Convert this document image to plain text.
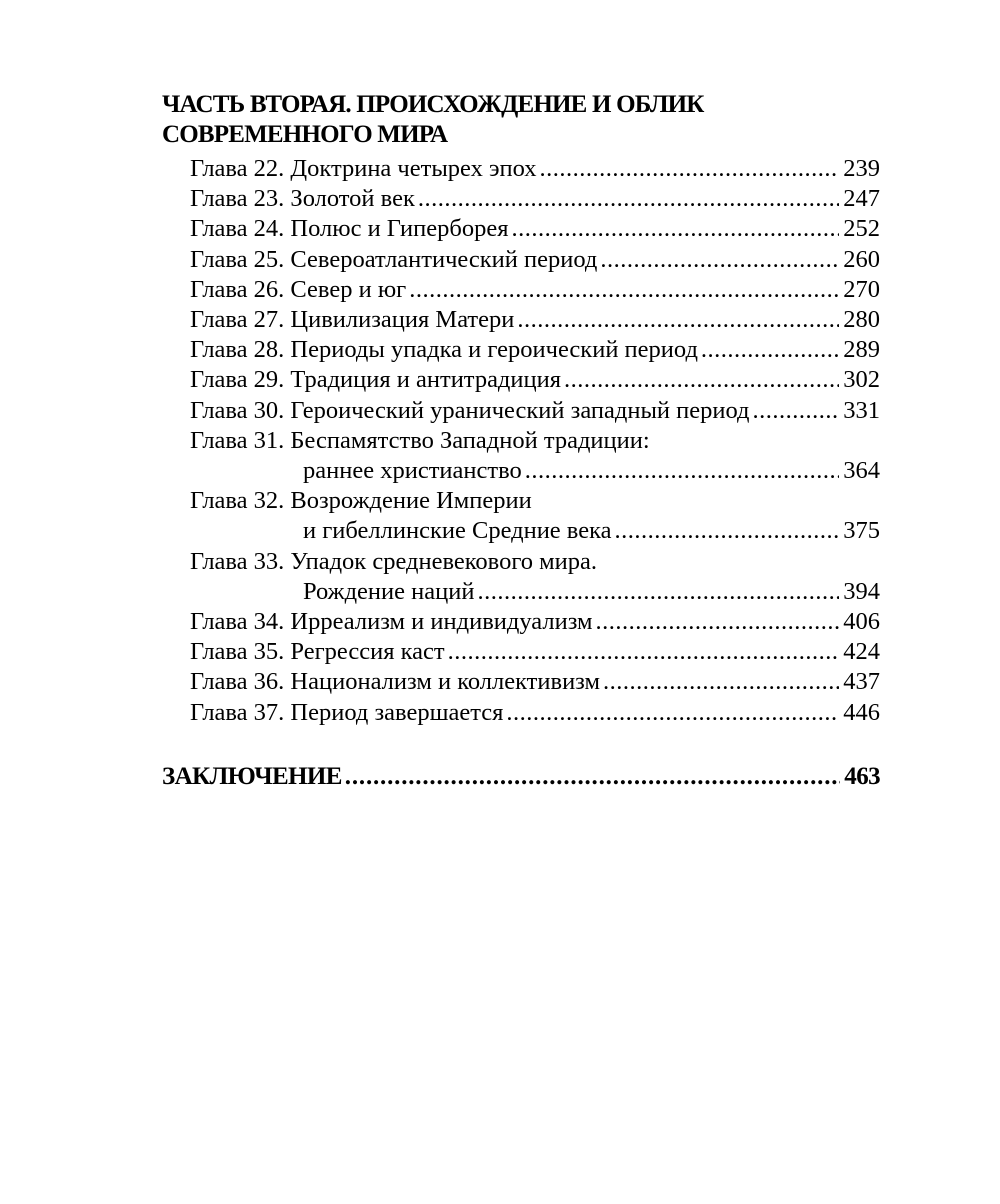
ЧАСТЬ ВТОРАЯ. ПРОИСХОЖДЕНИЕ И ОБЛИК
СОВРЕМЕННОГО МИРА
Глава 22. Доктрина четырех эпох .....	239
Глава 23. Золотой век .....	247
Глава 24. Полюс и Гиперборея .....	252
Глава 25. Североатлантический период .....	260
Глава 26. Север и юг .....	270
Глава 27. Цивилизация Матери .....	280
Глава 28. Периоды упадка и героический период .....	289
Глава 29. Традиция и антитрадиция .....	302
Глава 30. Героический уранический западный период .....	331
Глава 31. Беспамятство Западной традиции:
раннее христианство .....	364
Глава 32. Возрождение Империи
и гибеллинские Средние века .....	375
Глава 33. Упадок средневекового мира.
Рождение наций .....	394
Глава 34. Ирреализм и индивидуализм .....	406
Глава 35. Регрессия каст .....	424
Глава 36. Национализм и коллективизм .....	437
Глава 37. Период завершается .....	446
ЗАКЛЮЧЕНИЕ .....	463
